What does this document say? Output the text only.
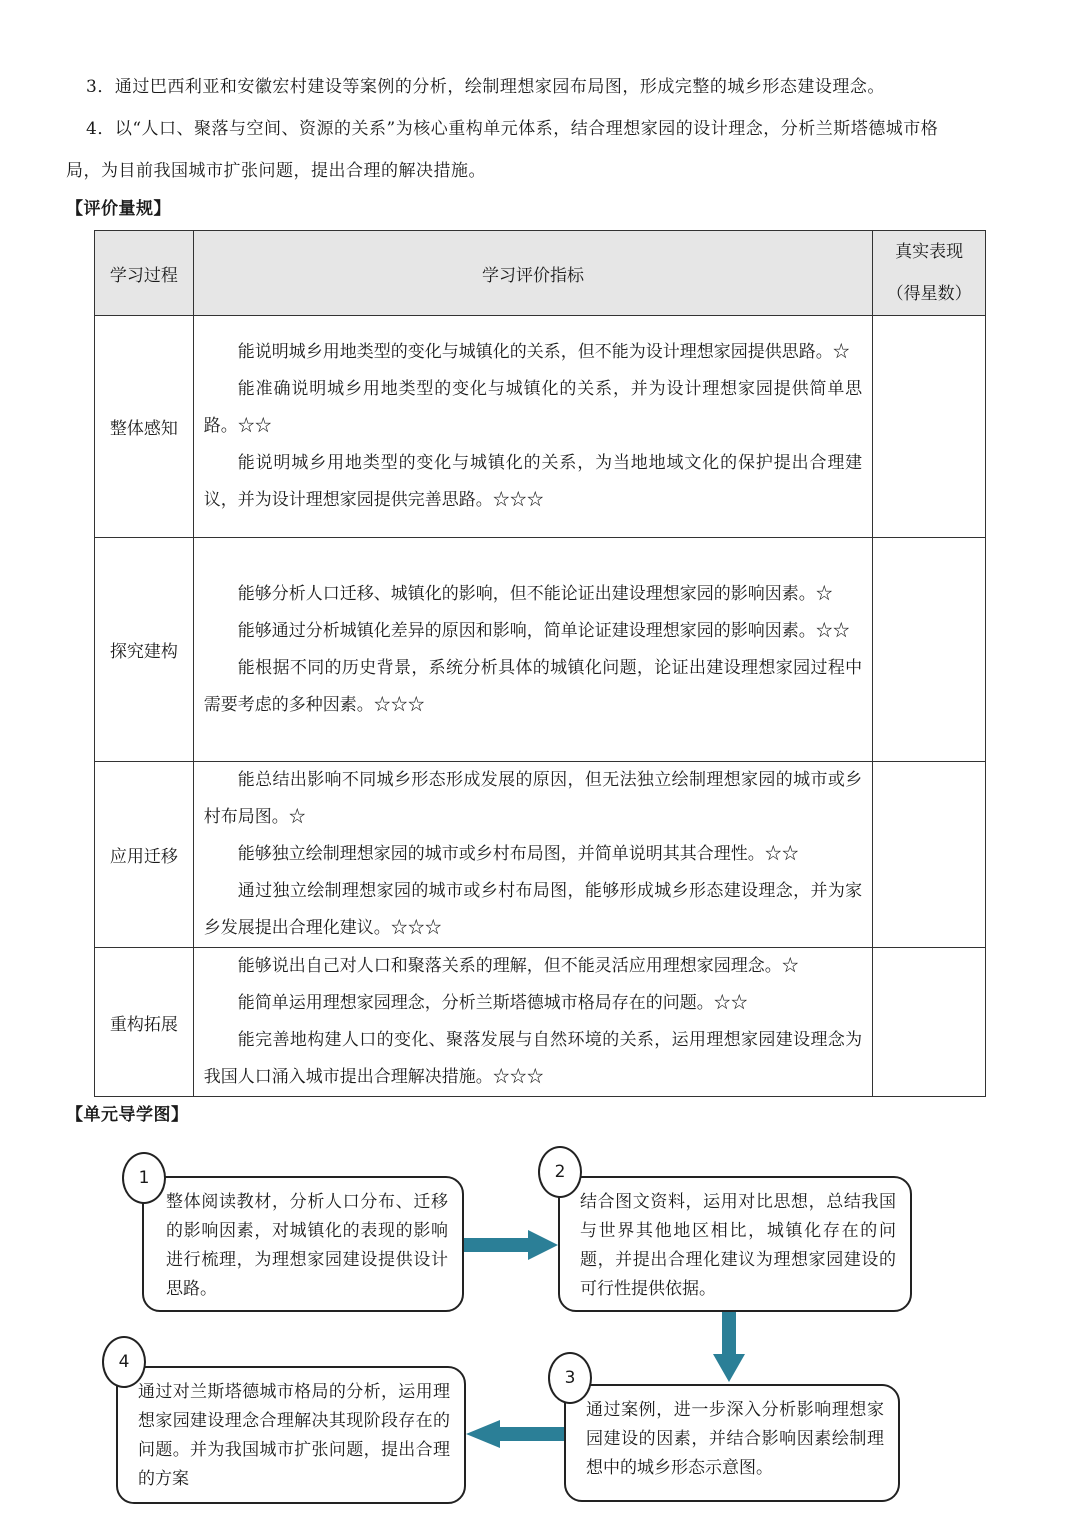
3．通过巴西利亚和安徽宏村建设等案例的分析，绘制理想家园布局图，形成完整的城乡形态建设理念。
4．以“人口、聚落与空间、资源的关系”为核心重构单元体系，结合理想家园的设计理念，分析兰斯塔德城市格
局，为目前我国城市扩张问题，提出合理的解决措施。
【评价量规】
学习过程	学习评价指标	真实表现
（得星数）

整体感知	能说明城乡用地类型的变化与城镇化的关系，但不能为设计理想家园提供思路。☆

能准确说明城乡用地类型的变化与城镇化的关系，并为设计理想家园提供简单思路。☆☆

能说明城乡用地类型的变化与城镇化的关系，为当地地域文化的保护提出合理建议，并为设计理想家园提供完善思路。☆☆☆	

探究建构	能够分析人口迁移、城镇化的影响，但不能论证出建设理想家园的影响因素。☆

能够通过分析城镇化差异的原因和影响，简单论证建设理想家园的影响因素。☆☆

能根据不同的历史背景，系统分析具体的城镇化问题，论证出建设理想家园过程中需要考虑的多种因素。☆☆☆	

应用迁移	能总结出影响不同城乡形态形成发展的原因，但无法独立绘制理想家园的城市或乡村布局图。☆

能够独立绘制理想家园的城市或乡村布局图，并简单说明其其合理性。☆☆

通过独立绘制理想家园的城市或乡村布局图，能够形成城乡形态建设理念，并为家乡发展提出合理化建议。☆☆☆	

重构拓展	能够说出自己对人口和聚落关系的理解，但不能灵活应用理想家园理念。☆

能简单运用理想家园理念，分析兰斯塔德城市格局存在的问题。☆☆

能完善地构建人口的变化、聚落发展与自然环境的关系，运用理想家园建设理念为我国人口涌入城市提出合理解决措施。☆☆☆	

【单元导学图】
整体阅读教材，分析人口分布、迁移的影响因素，对城镇化的表现的影响进行梳理，为理想家园建设提供设计思路。
1
结合图文资料，运用对比思想，总结我国与世界其他地区相比，城镇化存在的问题，并提出合理化建议为理想家园建设的可行性提供依据。
2
通过案例，进一步深入分析影响理想家园建设的因素，并结合影响因素绘制理想中的城乡形态示意图。
3
通过对兰斯塔德城市格局的分析，运用理想家园建设理念合理解决其现阶段存在的问题。并为我国城市扩张问题，提出合理的方案
4
